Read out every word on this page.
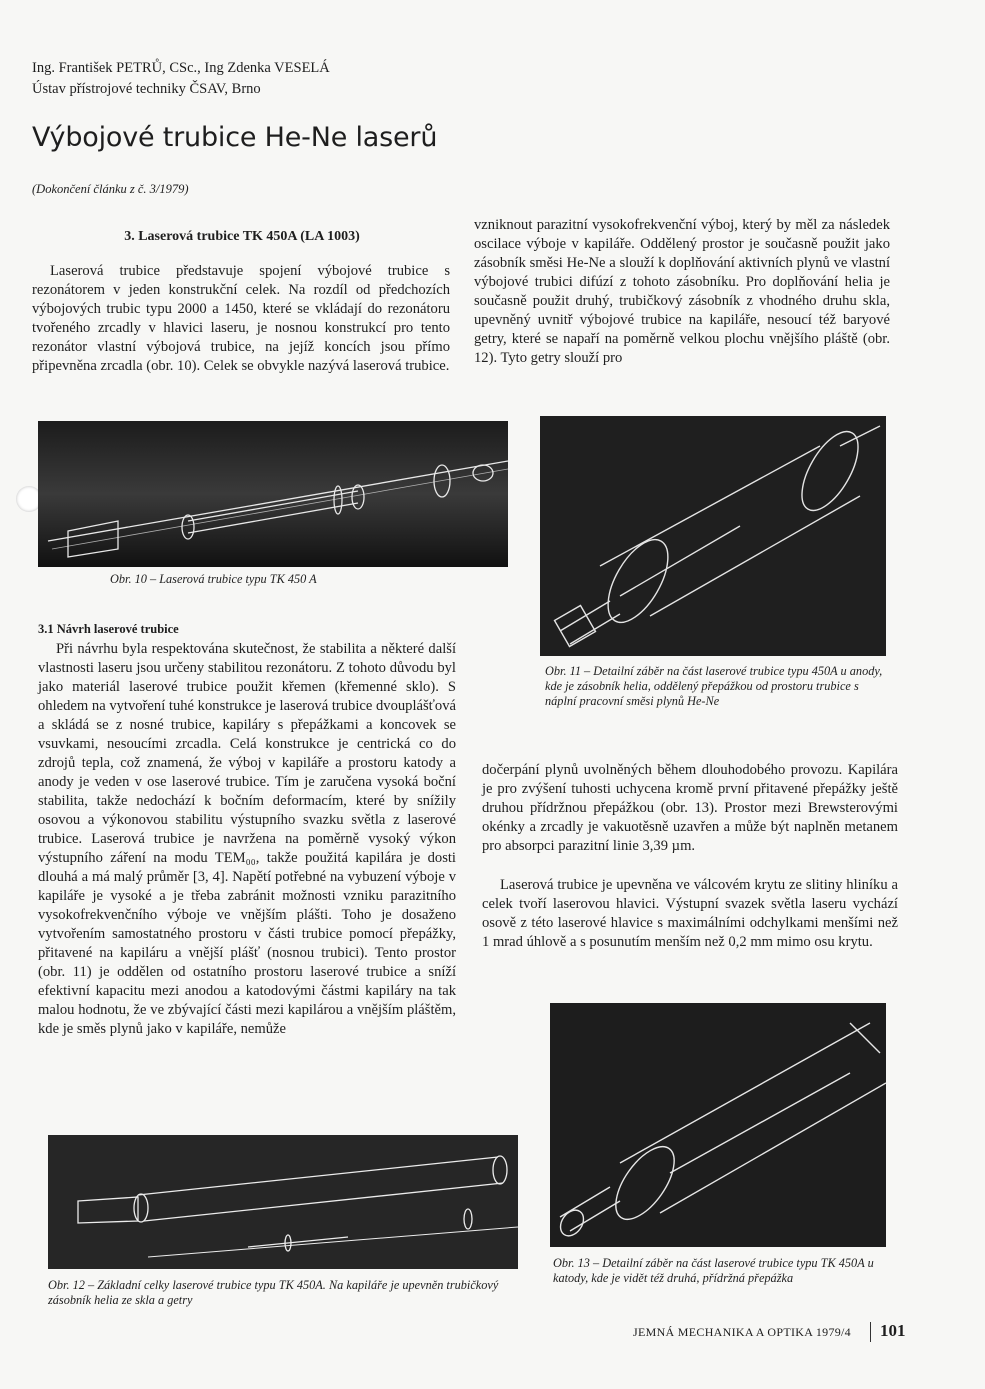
Ing. František PETRŮ, CSc., Ing Zdenka VESELÁ
Ústav přístrojové techniky ČSAV, Brno
Výbojové trubice He-Ne laserů
(Dokončení článku z č. 3/1979)
3. Laserová trubice TK 450A (LA 1003)

Laserová trubice představuje spojení výbojové trubice s rezonátorem v jeden konstrukční celek. Na rozdíl od předchozích výbojových trubic typu 2000 a 1450, které se vkládají do rezonátoru tvořeného zrcadly v hlavici laseru, je nosnou konstrukcí pro tento rezonátor vlastní výbojová trubice, na jejíž koncích jsou přímo připevněna zrcadla (obr. 10). Celek se obvykle nazývá laserová trubice.

vzniknout parazitní vysokofrekvenční výboj, který by měl za následek oscilace výboje v kapiláře. Oddělený prostor je současně použit jako zásobník směsi He-Ne a slouží k doplňování aktivních plynů ve vlastní výbojové trubici difúzí z tohoto zásobníku. Pro doplňování helia je současně použit druhý, trubičkový zásobník z vhodného druhu skla, upevněný uvnitř výbojové trubice na kapiláře, nesoucí též baryové getry, které se napaří na poměrně velkou plochu vnějšího pláště (obr. 12). Tyto getry slouží pro

Obr. 10 – Laserová trubice typu TK 450 A

Obr. 11 – Detailní záběr na část laserové trubice typu 450A u anody, kde je zásobník helia, oddělený přepážkou od prostoru trubice s náplní pracovní směsi plynů He-Ne

3.1 Návrh laserové trubice

Při návrhu byla respektována skutečnost, že stabilita a některé další vlastnosti laseru jsou určeny stabilitou rezonátoru. Z tohoto důvodu byl jako materiál laserové trubice použit křemen (křemenné sklo). S ohledem na vytvoření tuhé konstrukce je laserová trubice dvouplášťová a skládá se z nosné trubice, kapiláry s přepážkami a koncovek se vsuvkami, nesoucími zrcadla. Celá konstrukce je centrická co do zdrojů tepla, což znamená, že výboj v kapiláře a prostoru katody a anody je veden v ose laserové trubice. Tím je zaručena vysoká boční stabilita, takže nedochází k bočním deformacím, které by snížily osovou a výkonovou stabilitu výstupního svazku světla z laserové trubice. Laserová trubice je navržena na poměrně vysoký výkon výstupního záření na modu TEM₀₀, takže použitá kapilára je dosti dlouhá a má malý průměr [3, 4]. Napětí potřebné na vybuzení výboje v kapiláře je vysoké a je třeba zabránit možnosti vzniku parazitního vysokofrekvenčního výboje ve vnějším plášti. Toho je dosaženo vytvořením samostatného prostoru v části trubice pomocí přepážky, přitavené na kapiláru a vnější plášť (nosnou trubici). Tento prostor (obr. 11) je oddělen od ostatního prostoru laserové trubice a sníží efektivní kapacitu mezi anodou a katodovými částmi kapiláry na tak malou hodnotu, že ve zbývající části mezi kapilárou a vnějším pláštěm, kde je směs plynů jako v kapiláře, nemůže

dočerpání plynů uvolněných během dlouhodobého provozu. Kapilára je pro zvýšení tuhosti uchycena kromě první přitavené přepážky ještě druhou přídržnou přepážkou (obr. 13). Prostor mezi Brewsterovými okénky a zrcadly je vakuotěsně uzavřen a může být naplněn metanem pro absorpci parazitní linie 3,39 µm.

Laserová trubice je upevněna ve válcovém krytu ze slitiny hliníku a celek tvoří laserovou hlavici. Výstupní svazek světla laseru vychází osově z této laserové hlavice s maximálními odchylkami menšími než 1 mrad úhlově a s posunutím menším než 0,2 mm mimo osu krytu.

Obr. 12 – Základní celky laserové trubice typu TK 450A. Na kapiláře je upevněn trubičkový zásobník helia ze skla a getry

Obr. 13 – Detailní záběr na část laserové trubice typu TK 450A u katody, kde je vidět též druhá, přídržná přepážka

JEMNÁ MECHANIKA A OPTIKA 1979/4 101
